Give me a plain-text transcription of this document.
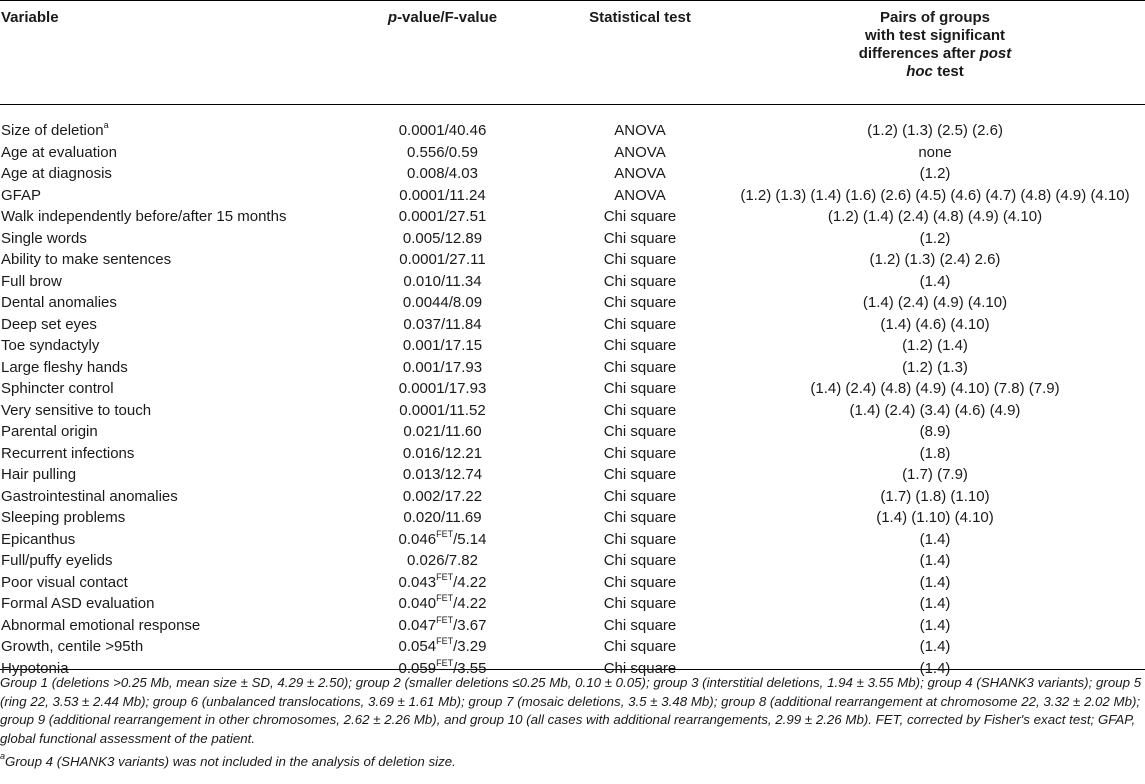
Variable	p-value/F-value	Statistical test	Pairs of groups
with test significant
differences after post
hoc test
Size of deletion$^a$	0.0001/40.46	ANOVA	(1.2) (1.3) (2.5) (2.6)
Age at evaluation	0.556/0.59	ANOVA	none
Age at diagnosis	0.008/4.03	ANOVA	(1.2)
GFAP	0.0001/11.24	ANOVA	(1.2) (1.3) (1.4) (1.6) (2.6) (4.5) (4.6) (4.7) (4.8) (4.9) (4.10)
Walk independently before/after 15 months	0.0001/27.51	Chi square	(1.2) (1.4) (2.4) (4.8) (4.9) (4.10)
Single words	0.005/12.89	Chi square	(1.2)
Ability to make sentences	0.0001/27.11	Chi square	(1.2) (1.3) (2.4) 2.6)
Full brow	0.010/11.34	Chi square	(1.4)
Dental anomalies	0.0044/8.09	Chi square	(1.4) (2.4) (4.9) (4.10)
Deep set eyes	0.037/11.84	Chi square	(1.4) (4.6) (4.10)
Toe syndactyly	0.001/17.15	Chi square	(1.2) (1.4)
Large fleshy hands	0.001/17.93	Chi square	(1.2) (1.3)
Sphincter control	0.0001/17.93	Chi square	(1.4) (2.4) (4.8) (4.9) (4.10) (7.8) (7.9)
Very sensitive to touch	0.0001/11.52	Chi square	(1.4) (2.4) (3.4) (4.6) (4.9)
Parental origin	0.021/11.60	Chi square	(8.9)
Recurrent infections	0.016/12.21	Chi square	(1.8)
Hair pulling	0.013/12.74	Chi square	(1.7) (7.9)
Gastrointestinal anomalies	0.002/17.22	Chi square	(1.7) (1.8) (1.10)
Sleeping problems	0.020/11.69	Chi square	(1.4) (1.10) (4.10)
Epicanthus	$0.046^{FET}/5.14$	Chi square	(1.4)
Full/puffy eyelids	0.026/7.82	Chi square	(1.4)
Poor visual contact	$0.043^{FET}/4.22$	Chi square	(1.4)
Formal ASD evaluation	$0.040^{FET}/4.22$	Chi square	(1.4)
Abnormal emotional response	$0.047^{FET}/3.67$	Chi square	(1.4)
Growth, centile >95th	$0.054^{FET}/3.29$	Chi square	(1.4)
Hypotonia	$0.059^{FET}/3.55$	Chi square	(1.4)

Group 1 (deletions >0.25 Mb, mean size ± SD, 4.29 ± 2.50); group 2 (smaller deletions ≤0.25 Mb, 0.10 ± 0.05); group 3 (interstitial deletions, 1.94 ± 3.55 Mb); group 4 (SHANK3 variants); group 5 (ring 22, 3.53 ± 2.44 Mb); group 6 (unbalanced translocations, 3.69 ± 1.61 Mb); group 7 (mosaic deletions, 3.5 ± 3.48 Mb); group 8 (additional rearrangement at chromosome 22, 3.32 ± 2.02 Mb); group 9 (additional rearrangement in other chromosomes, 2.62 ± 2.26 Mb), and group 10 (all cases with additional rearrangements, 2.99 ± 2.26 Mb). FET, corrected by Fisher's exact test; GFAP, global functional assessment of the patient.

$^a$Group 4 (SHANK3 variants) was not included in the analysis of deletion size.
